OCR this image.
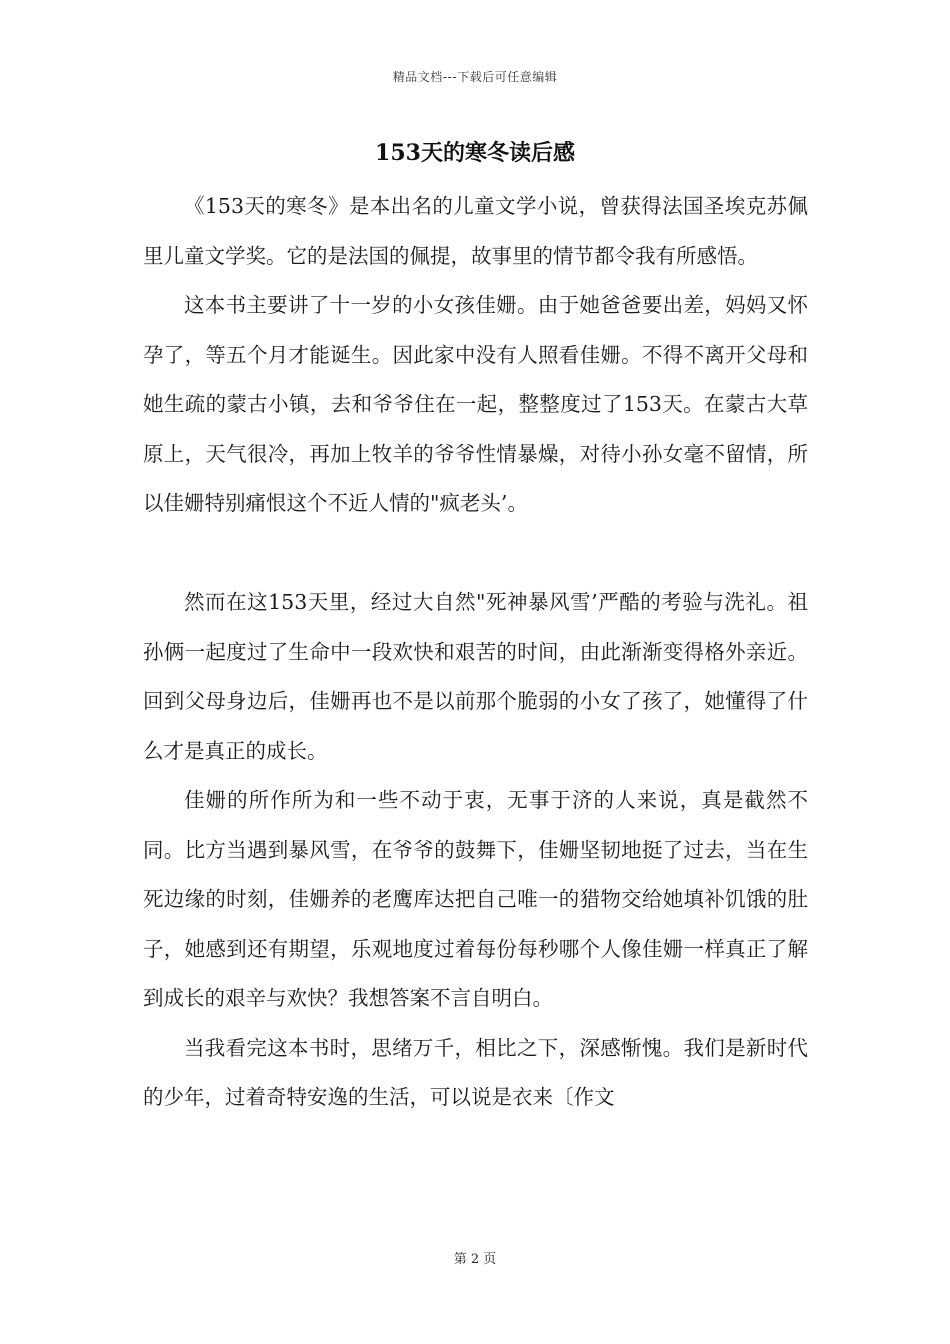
精品文档---下载后可任意编辑
153天的寒冬读后感

《153天的寒冬》是本出名的儿童文学小说，曾获得法国圣埃克苏佩里儿童文学奖。它的是法国的佩提，故事里的情节都令我有所感悟。

这本书主要讲了十一岁的小女孩佳姗。由于她爸爸要出差，妈妈又怀孕了，等五个月才能诞生。因此家中没有人照看佳姗。不得不离开父母和她生疏的蒙古小镇，去和爷爷住在一起，整整度过了153天。在蒙古大草原上，天气很冷，再加上牧羊的爷爷性情暴燥，对待小孙女毫不留情，所以佳姗特别痛恨这个不近人情的"疯老头’。

然而在这153天里，经过大自然"死神暴风雪’严酷的考验与洗礼。祖孙俩一起度过了生命中一段欢快和艰苦的时间，由此渐渐变得格外亲近。回到父母身边后，佳姗再也不是以前那个脆弱的小女了孩了，她懂得了什么才是真正的成长。

佳姗的所作所为和一些不动于衷，无事于济的人来说，真是截然不同。比方当遇到暴风雪，在爷爷的鼓舞下，佳姗坚韧地挺了过去，当在生死边缘的时刻，佳姗养的老鹰库达把自己唯一的猎物交给她填补饥饿的肚子，她感到还有期望，乐观地度过着每份每秒哪个人像佳姗一样真正了解到成长的艰辛与欢快？我想答案不言自明白。

当我看完这本书时，思绪万千，相比之下，深感惭愧。我们是新时代的少年，过着奇特安逸的生活，可以说是衣来〔作文

第 2 页
